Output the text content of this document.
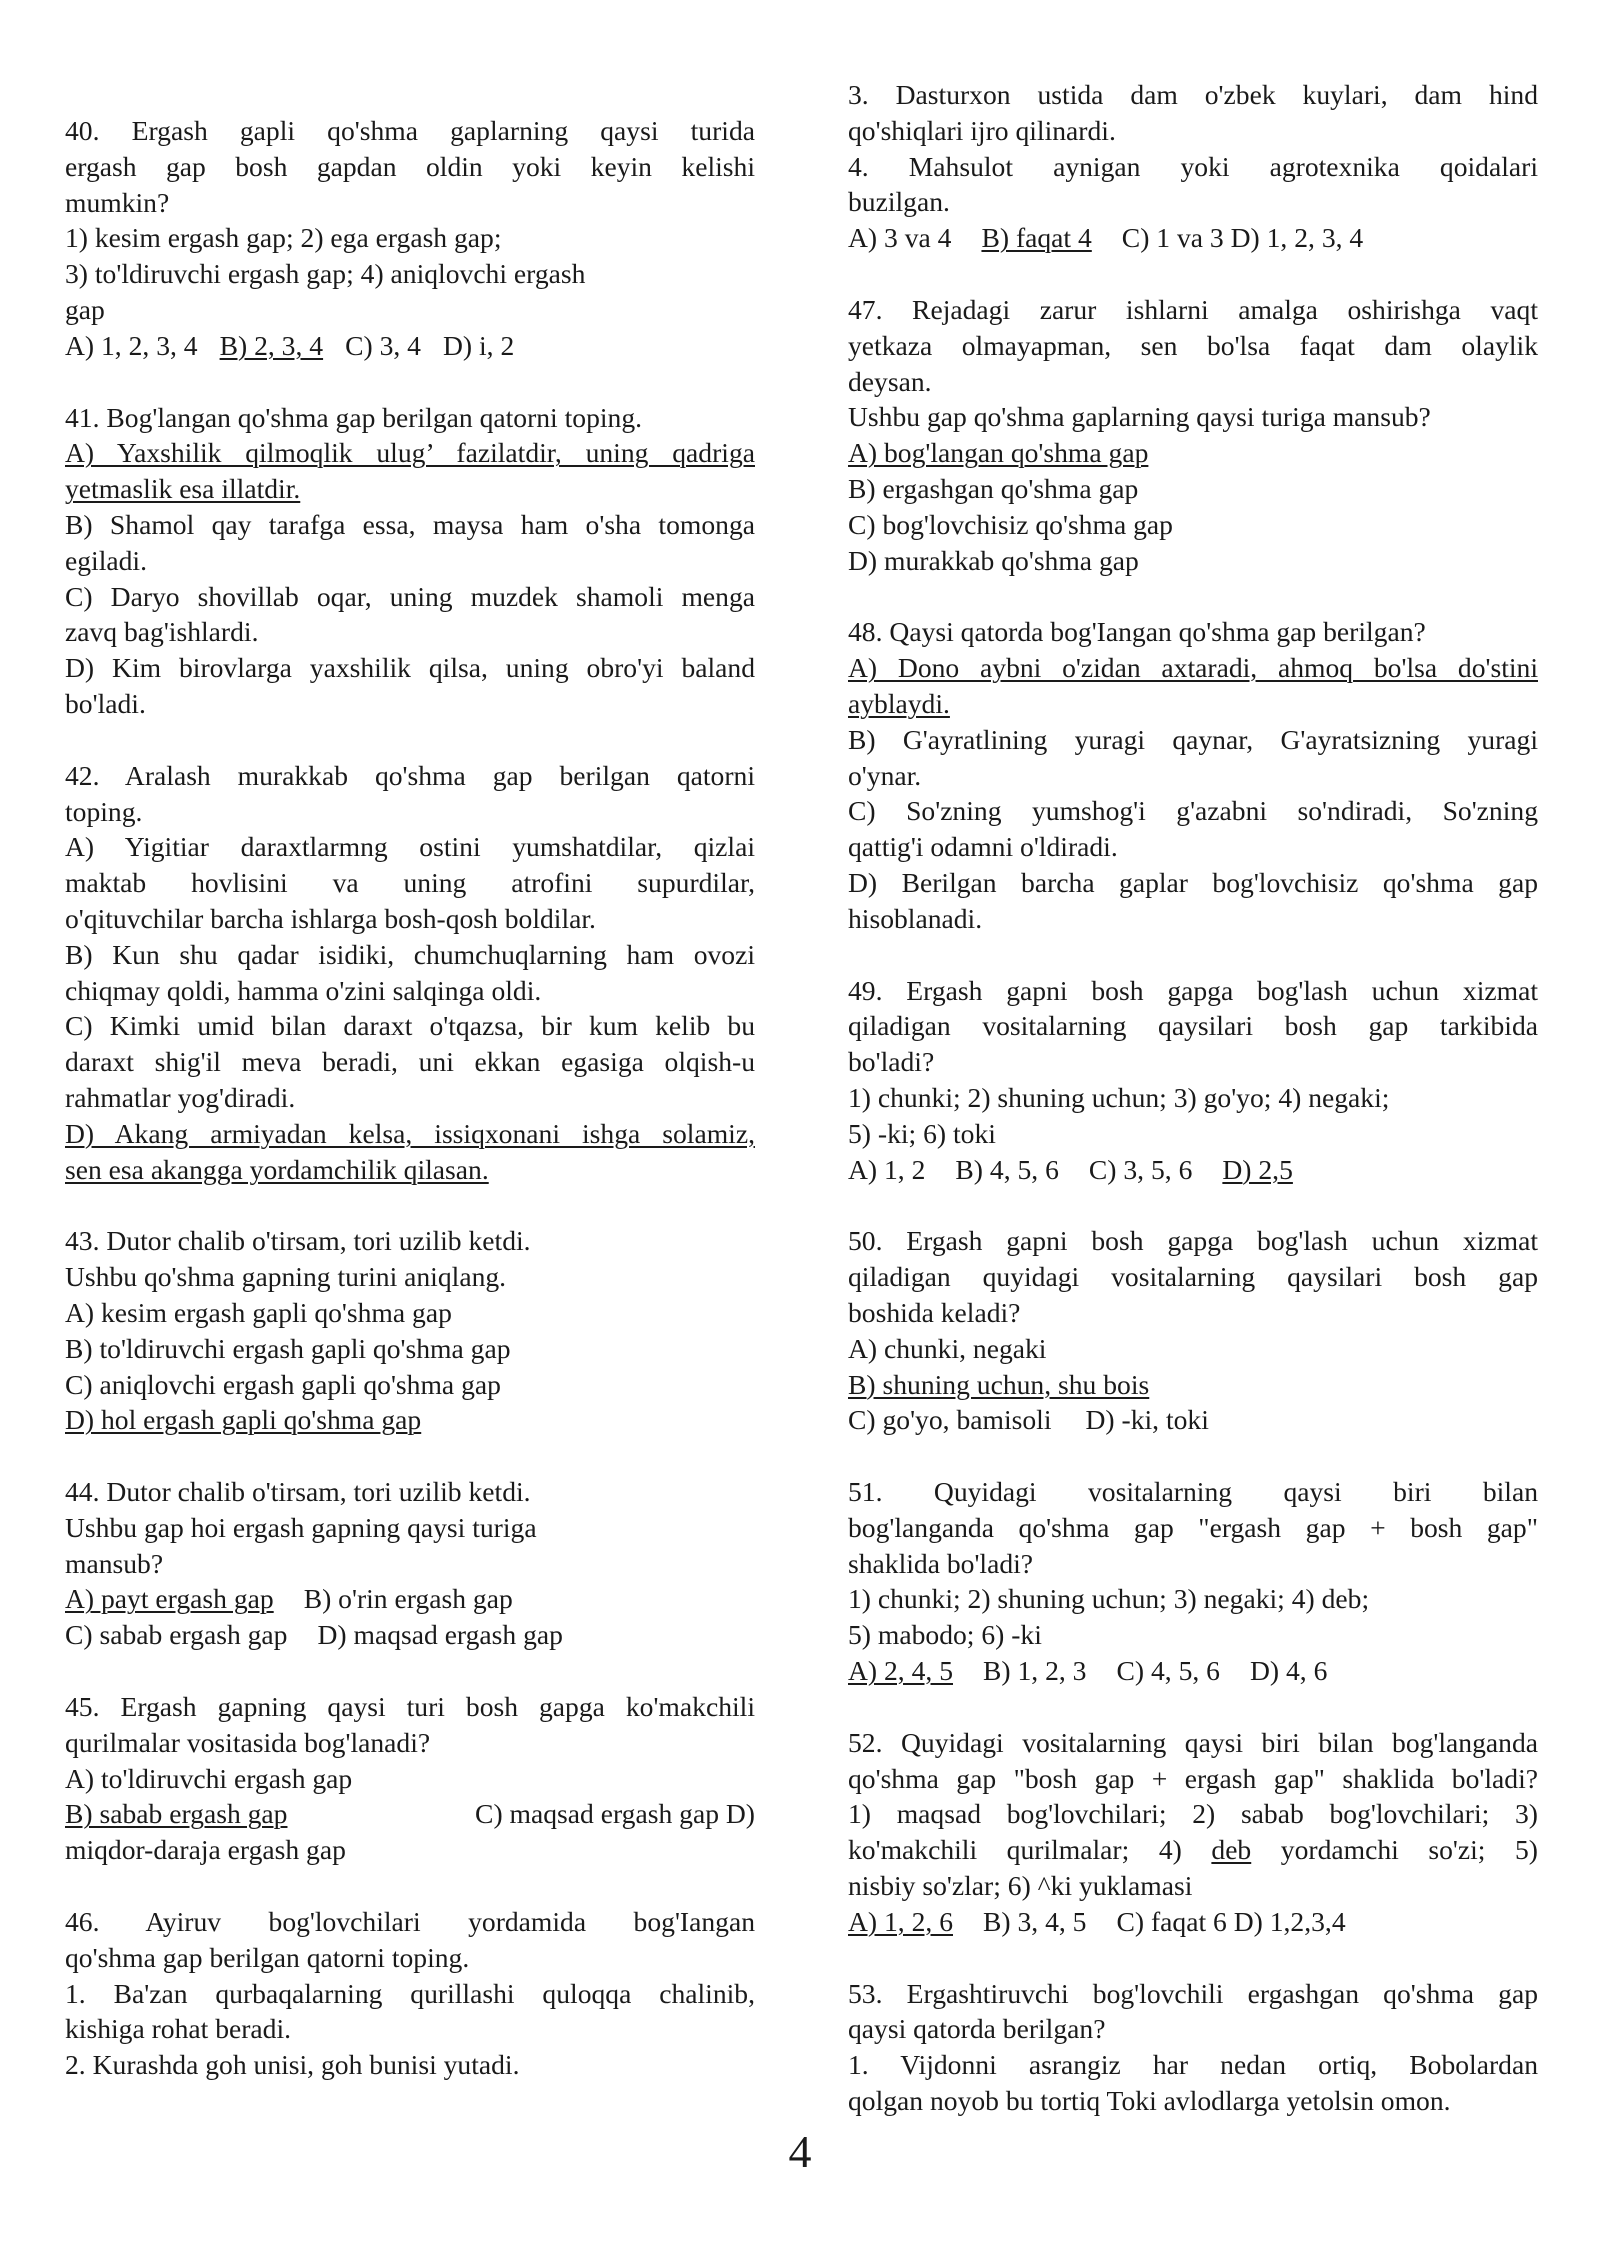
40. Ergash gapli qo'shma gaplarning qaysi turida
ergash gap bosh gapdan oldin yoki keyin kelishi
mumkin?
1) kesim ergash gap; 2) ega ergash gap;
3) to'ldiruvchi ergash gap; 4) aniqlovchi ergash
gap
A) 1, 2, 3, 4 B) 2, 3, 4 C) 3, 4 D) i, 2
41. Bog'langan qo'shma gap berilgan qatorni toping.
A) Yaxshilik qilmoqlik ulug’ fazilatdir, uning qadriga
yetmaslik esa illatdir.
B) Shamol qay tarafga essa, maysa ham o'sha tomonga
egiladi.
C) Daryo shovillab oqar, uning muzdek shamoli menga
zavq bag'ishlardi.
D) Kim birovlarga yaxshilik qilsa, uning obro'yi baland
bo'ladi.
42. Aralash murakkab qo'shma gap berilgan qatorni
toping.
A) Yigitiar daraxtlarmng ostini yumshatdilar, qizlai
maktab hovlisini va uning atrofini supurdilar,
o'qituvchilar barcha ishlarga bosh-qosh boldilar.
B) Kun shu qadar isidiki, chumchuqlarning ham ovozi
chiqmay qoldi, hamma o'zini salqinga oldi.
C) Kimki umid bilan daraxt o'tqazsa, bir kum kelib bu
daraxt shig'il meva beradi, uni ekkan egasiga olqish-u
rahmatlar yog'diradi.
D) Akang armiyadan kelsa, issiqxonani ishga solamiz,
sen esa akangga yordamchilik qilasan.
43. Dutor chalib o'tirsam, tori uzilib ketdi.
Ushbu qo'shma gapning turini aniqlang.
A) kesim ergash gapli qo'shma gap
B) to'ldiruvchi ergash gapli qo'shma gap
C) aniqlovchi ergash gapli qo'shma gap
D) hol ergash gapli qo'shma gap
44. Dutor chalib o'tirsam, tori uzilib ketdi.
Ushbu gap hoi ergash gapning qaysi turiga
mansub?
A) payt ergash gap B) o'rin ergash gap
C) sabab ergash gap D) maqsad ergash gap
45. Ergash gapning qaysi turi bosh gapga ko'makchili
qurilmalar vositasida bog'lanadi?
A) to'ldiruvchi ergash gap
B) sabab ergash gap	C) maqsad ergash gap D)
miqdor-daraja ergash gap
46. Ayiruv bog'lovchilari yordamida bog'Iangan
qo'shma gap berilgan qatorni toping.
1. Ba'zan qurbaqalarning qurillashi quloqqa chalinib,
kishiga rohat beradi.
2. Kurashda goh unisi, goh bunisi yutadi.
3. Dasturxon ustida dam o'zbek kuylari, dam hind
qo'shiqlari ijro qilinardi.
4. Mahsulot aynigan yoki agrotexnika qoidalari
buzilgan.
A) 3 va 4 B) faqat 4 C) 1 va 3 D) 1, 2, 3, 4
47. Rejadagi zarur ishlarni amalga oshirishga vaqt
yetkaza olmayapman, sen bo'lsa faqat dam olaylik
deysan.
Ushbu gap qo'shma gaplarning qaysi turiga mansub?
A) bog'langan qo'shma gap
B) ergashgan qo'shma gap
C) bog'lovchisiz qo'shma gap
D) murakkab qo'shma gap
48. Qaysi qatorda bog'Iangan qo'shma gap berilgan?
A) Dono aybni o'zidan axtaradi, ahmoq bo'lsa do'stini
ayblaydi.
B) G'ayratlining yuragi qaynar, G'ayratsizning yuragi
o'ynar.
C) So'zning yumshog'i g'azabni so'ndiradi, So'zning
qattig'i odamni o'ldiradi.
D) Berilgan barcha gaplar bog'lovchisiz qo'shma gap
hisoblanadi.
49. Ergash gapni bosh gapga bog'lash uchun xizmat
qiladigan vositalarning qaysilari bosh gap tarkibida
bo'ladi?
1) chunki; 2) shuning uchun; 3) go'yo; 4) negaki;
5) -ki; 6) toki
A) 1, 2 B) 4, 5, 6 C) 3, 5, 6 D) 2,5
50. Ergash gapni bosh gapga bog'lash uchun xizmat
qiladigan quyidagi vositalarning qaysilari bosh gap
boshida keladi?
A) chunki, negaki
B) shuning uchun, shu bois
C) go'yo, bamisoli D) -ki, toki
51. Quyidagi vositalarning qaysi biri bilan
bog'langanda qo'shma gap "ergash gap + bosh gap"
shaklida bo'ladi?
1) chunki; 2) shuning uchun; 3) negaki; 4) deb;
5) mabodo; 6) -ki
A) 2, 4, 5 B) 1, 2, 3 C) 4, 5, 6 D) 4, 6
52. Quyidagi vositalarning qaysi biri bilan bog'langanda
qo'shma gap "bosh gap + ergash gap" shaklida bo'ladi?
1) maqsad bog'lovchilari; 2) sabab bog'lovchilari; 3)
ko'makchili qurilmalar; 4) deb yordamchi so'zi; 5)
nisbiy so'zlar; 6) ^ki yuklamasi
A) 1, 2, 6 B) 3, 4, 5 C) faqat 6 D) 1,2,3,4
53. Ergashtiruvchi bog'lovchili ergashgan qo'shma gap
qaysi qatorda berilgan?
1. Vijdonni asrangiz har nedan ortiq, Bobolardan
qolgan noyob bu tortiq Toki avlodlarga yetolsin omon.
4
